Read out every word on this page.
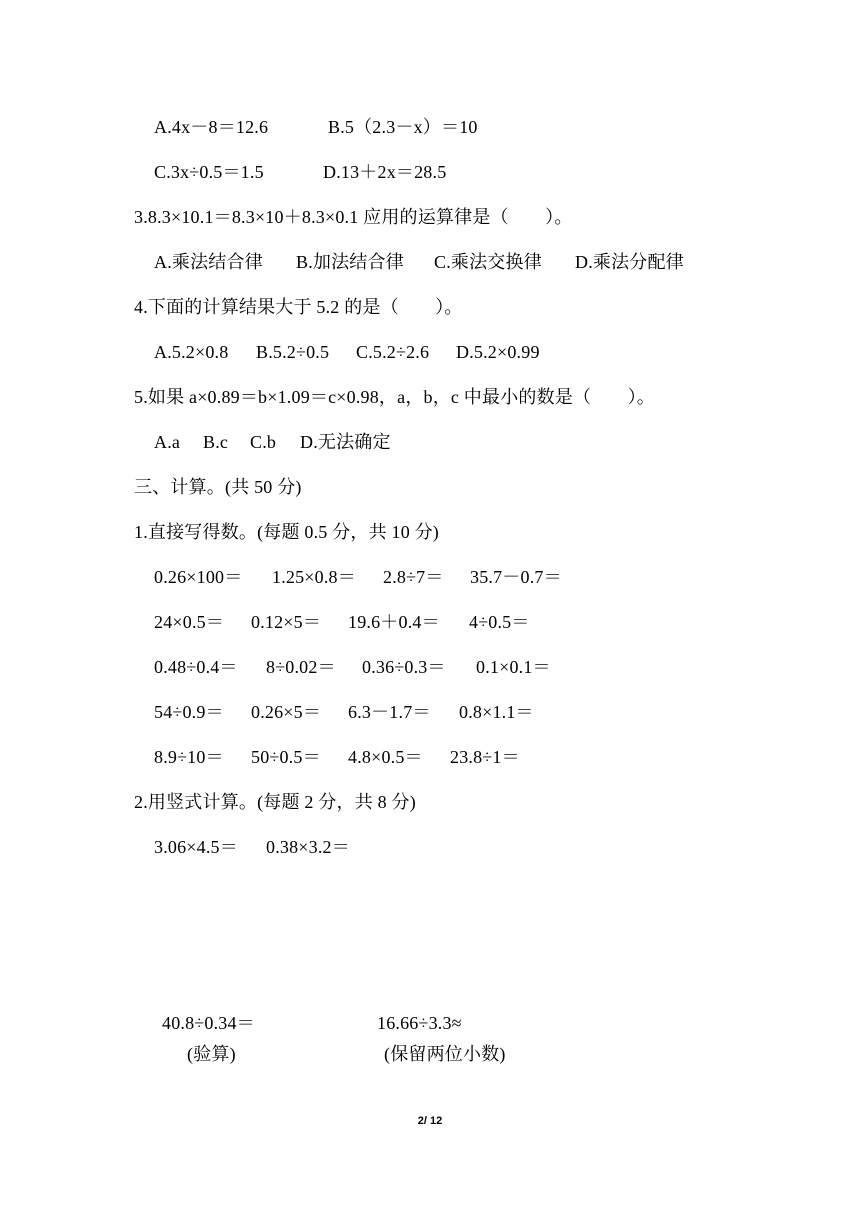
A.4x－8＝12.6	B.5（2.3－x）＝10
C.3x÷0.5＝1.5	D.13＋2x＝28.5
3.8.3×10.1＝8.3×10＋8.3×0.1 应用的运算律是（　　）。
A.乘法结合律 B.加法结合律 C.乘法交换律 D.乘法分配律
4.下面的计算结果大于 5.2 的是（　　）。
A.5.2×0.8 B.5.2÷0.5 C.5.2÷2.6 D.5.2×0.99
5.如果 a×0.89＝b×1.09＝c×0.98，a，b，c 中最小的数是（　　）。
A.a B.c C.b D.无法确定
三、计算。(共 50 分)
1.直接写得数。(每题 0.5 分，共 10 分)
0.26×100＝ 1.25×0.8＝ 2.8÷7＝ 35.7－0.7＝
24×0.5＝ 0.12×5＝ 19.6＋0.4＝ 4÷0.5＝
0.48÷0.4＝ 8÷0.02＝ 0.36÷0.3＝ 0.1×0.1＝
54÷0.9＝ 0.26×5＝ 6.3－1.7＝ 0.8×1.1＝
8.9÷10＝ 50÷0.5＝ 4.8×0.5＝ 23.8÷1＝
2.用竖式计算。(每题 2 分，共 8 分)
3.06×4.5＝ 0.38×3.2＝
40.8÷0.34＝	16.66÷3.3≈
(验算)	(保留两位小数)
2/ 12
